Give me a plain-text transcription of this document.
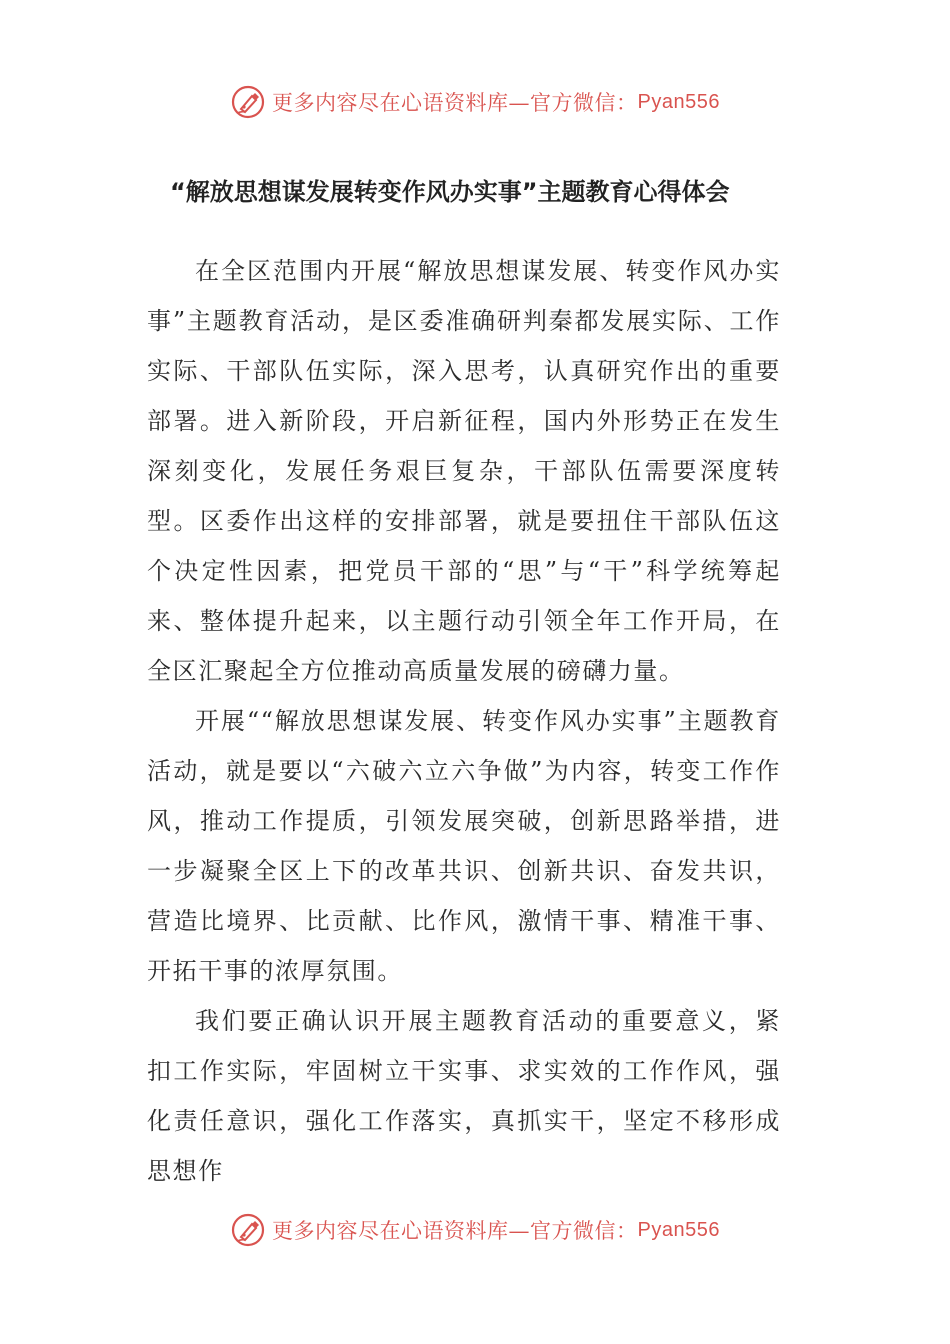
更多内容尽在心语资料库—官方微信： Pyan556
“解放思想谋发展转变作风办实事”主题教育心得体会

在全区范围内开展“解放思想谋发展、转变作风办实事”主题教育活动，是区委准确研判秦都发展实际、工作实际、干部队伍实际，深入思考，认真研究作出的重要部署。进入新阶段，开启新征程，国内外形势正在发生深刻变化，发展任务艰巨复杂，干部队伍需要深度转型。区委作出这样的安排部署，就是要扭住干部队伍这个决定性因素，把党员干部的“思”与“干”科学统筹起来、整体提升起来，以主题行动引领全年工作开局，在全区汇聚起全方位推动高质量发展的磅礴力量。

开展““解放思想谋发展、转变作风办实事”主题教育活动，就是要以“六破六立六争做”为内容，转变工作作风，推动工作提质，引领发展突破，创新思路举措，进一步凝聚全区上下的改革共识、创新共识、奋发共识，营造比境界、比贡献、比作风，激情干事、精准干事、开拓干事的浓厚氛围。

我们要正确认识开展主题教育活动的重要意义，紧扣工作实际，牢固树立干实事、求实效的工作作风，强化责任意识，强化工作落实，真抓实干，坚定不移形成思想作

更多内容尽在心语资料库—官方微信： Pyan556
